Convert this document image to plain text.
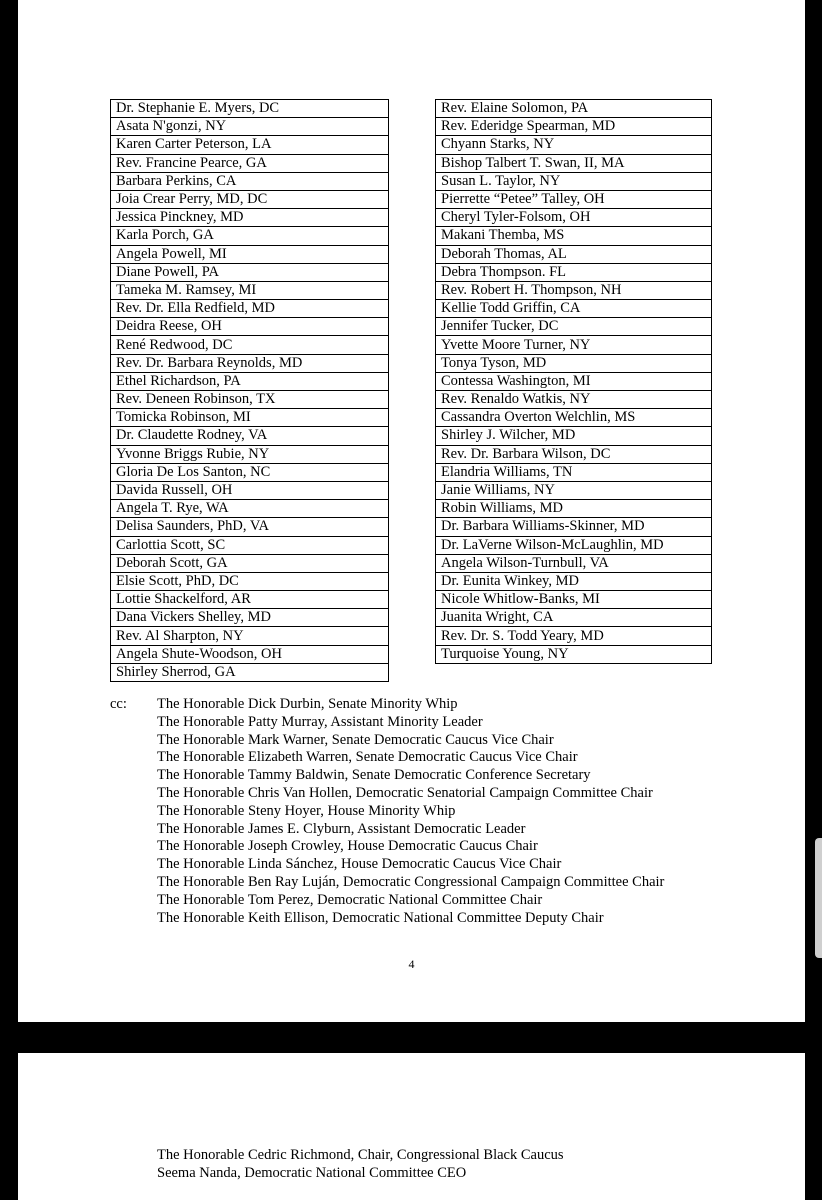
Dr. Stephanie E. Myers, DC
Asata N'gonzi, NY
Karen Carter Peterson, LA
Rev. Francine Pearce, GA
Barbara Perkins, CA
Joia Crear Perry, MD, DC
Jessica Pinckney, MD
Karla Porch, GA
Angela Powell, MI
Diane Powell, PA
Tameka M. Ramsey, MI
Rev. Dr. Ella Redfield, MD
Deidra Reese, OH
René Redwood, DC
Rev. Dr. Barbara Reynolds, MD
Ethel Richardson, PA
Rev. Deneen Robinson, TX
Tomicka Robinson, MI
Dr. Claudette Rodney, VA
Yvonne Briggs Rubie, NY
Gloria De Los Santon, NC
Davida Russell, OH
Angela T. Rye, WA
Delisa Saunders, PhD, VA
Carlottia Scott, SC
Deborah Scott, GA
Elsie Scott, PhD, DC
Lottie Shackelford, AR
Dana Vickers Shelley, MD
Rev. Al Sharpton, NY
Angela Shute-Woodson, OH
Shirley Sherrod, GA
Rev. Elaine Solomon, PA
Rev. Ederidge Spearman, MD
Chyann Starks, NY
Bishop Talbert T. Swan, II, MA
Susan L. Taylor, NY
Pierrette “Petee” Talley, OH
Cheryl Tyler-Folsom, OH
Makani Themba, MS
Deborah Thomas, AL
Debra Thompson. FL
Rev. Robert H. Thompson, NH
Kellie Todd Griffin, CA
Jennifer Tucker, DC
Yvette Moore Turner, NY
Tonya Tyson, MD
Contessa Washington, MI
Rev. Renaldo Watkis, NY
Cassandra Overton Welchlin, MS
Shirley J. Wilcher, MD
Rev. Dr. Barbara Wilson, DC
Elandria Williams, TN
Janie Williams, NY
Robin Williams, MD
Dr. Barbara Williams-Skinner, MD
Dr. LaVerne Wilson-McLaughlin, MD
Angela Wilson-Turnbull, VA
Dr. Eunita Winkey, MD
Nicole Whitlow-Banks, MI
Juanita Wright, CA
Rev. Dr. S. Todd Yeary, MD
Turquoise Young, NY
cc: The Honorable Dick Durbin, Senate Minority Whip
The Honorable Patty Murray, Assistant Minority Leader
The Honorable Mark Warner, Senate Democratic Caucus Vice Chair
The Honorable Elizabeth Warren, Senate Democratic Caucus Vice Chair
The Honorable Tammy Baldwin, Senate Democratic Conference Secretary
The Honorable Chris Van Hollen, Democratic Senatorial Campaign Committee Chair
The Honorable Steny Hoyer, House Minority Whip
The Honorable James E. Clyburn, Assistant Democratic Leader
The Honorable Joseph Crowley, House Democratic Caucus Chair
The Honorable Linda Sánchez, House Democratic Caucus Vice Chair
The Honorable Ben Ray Luján, Democratic Congressional Campaign Committee Chair
The Honorable Tom Perez, Democratic National Committee Chair
The Honorable Keith Ellison, Democratic National Committee Deputy Chair
4
The Honorable Cedric Richmond, Chair, Congressional Black Caucus
Seema Nanda, Democratic National Committee CEO
